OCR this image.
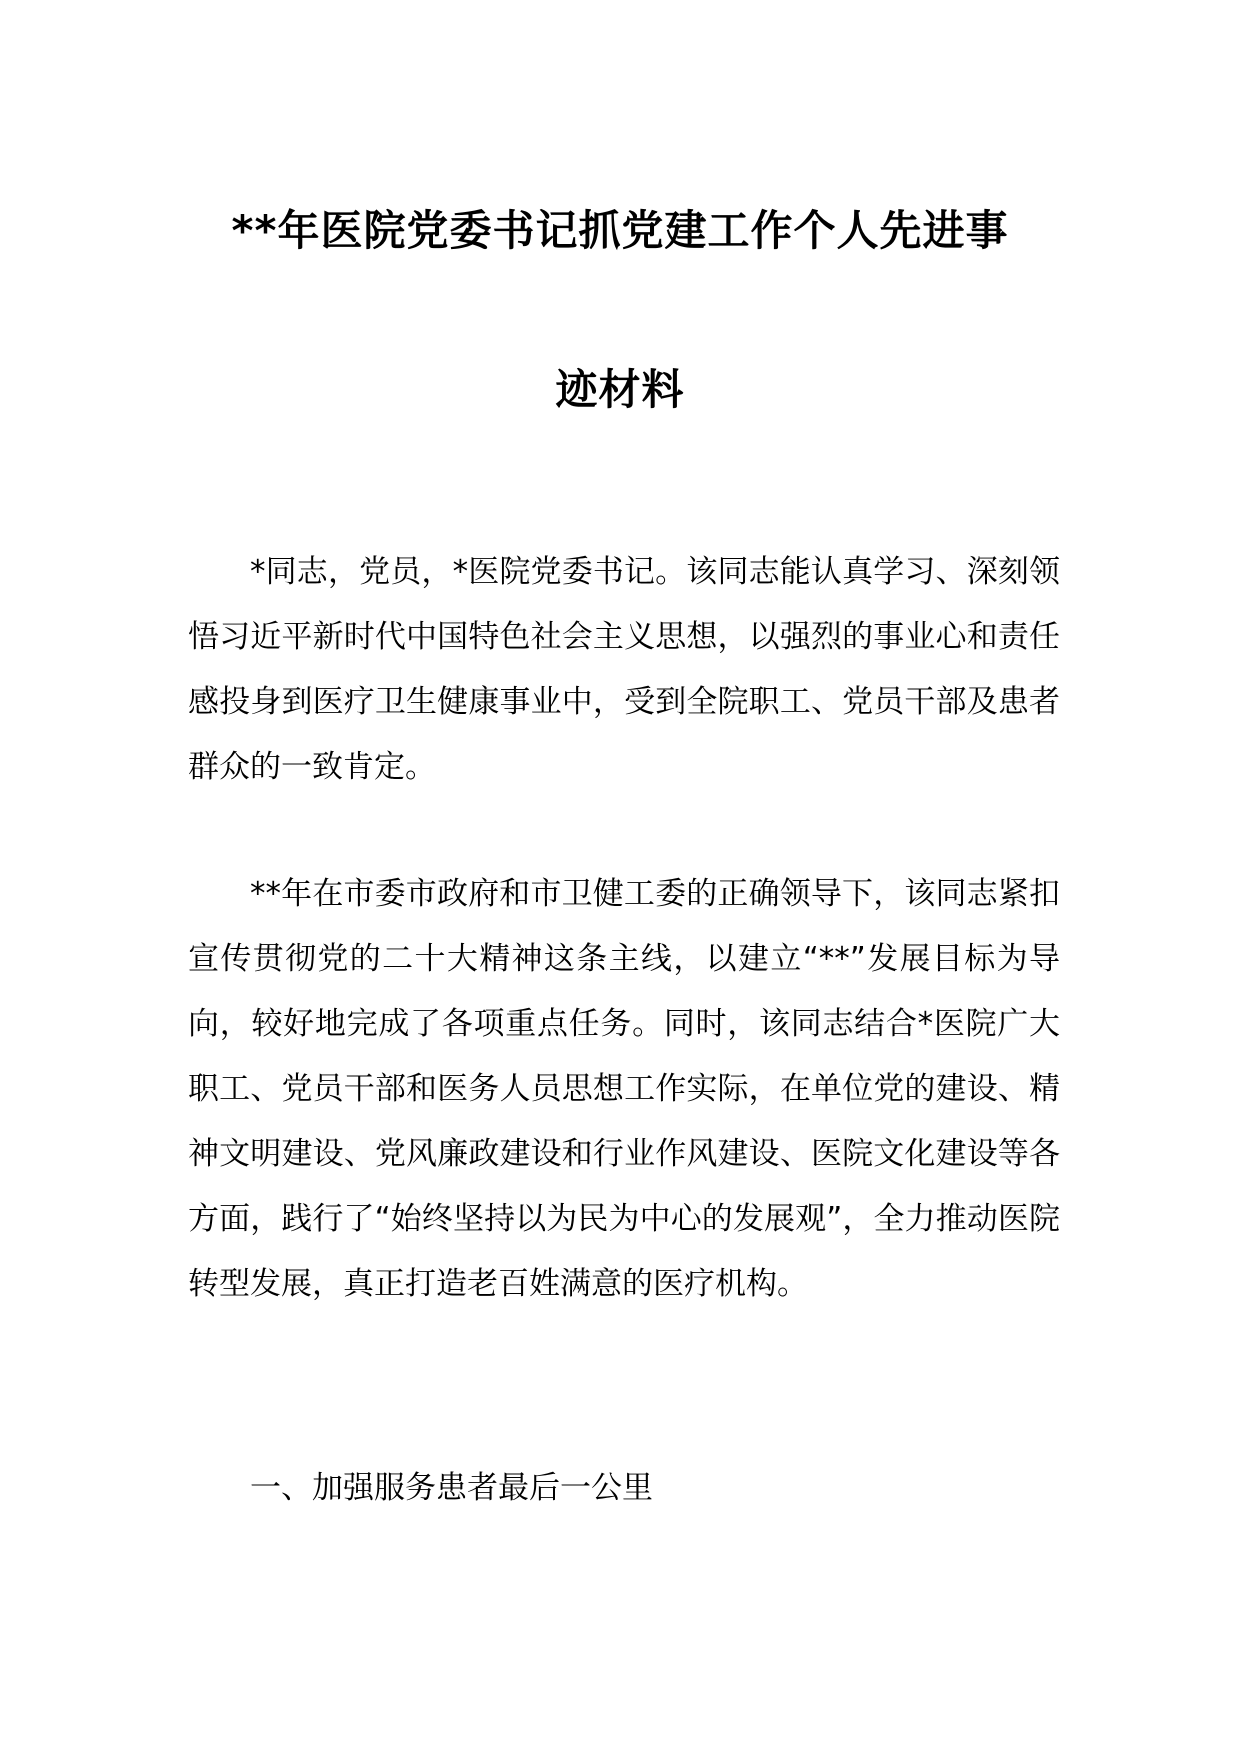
**年医院党委书记抓党建工作个人先进事
迹材料

*同志，党员，*医院党委书记。该同志能认真学习、深刻领悟习近平新时代中国特色社会主义思想，以强烈的事业心和责任感投身到医疗卫生健康事业中，受到全院职工、党员干部及患者群众的一致肯定。

**年在市委市政府和市卫健工委的正确领导下，该同志紧扣宣传贯彻党的二十大精神这条主线，以建立“**”发展目标为导向，较好地完成了各项重点任务。同时，该同志结合*医院广大职工、党员干部和医务人员思想工作实际，在单位党的建设、精神文明建设、党风廉政建设和行业作风建设、医院文化建设等各方面，践行了“始终坚持以为民为中心的发展观”，全力推动医院转型发展，真正打造老百姓满意的医疗机构。

一、加强服务患者最后一公里
